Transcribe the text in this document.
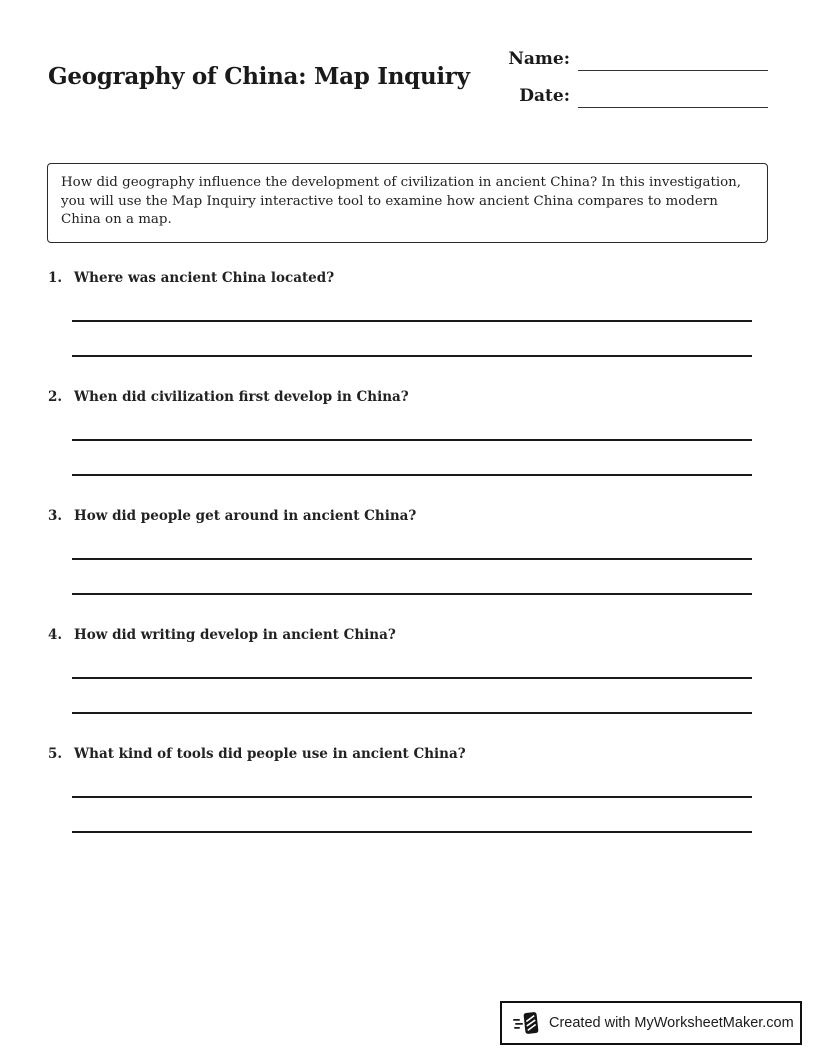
Geography of China: Map Inquiry
Name:
Date:
How did geography influence the development of civilization in ancient China? In this investigation, you will use the Map Inquiry interactive tool to examine how ancient China compares to modern China on a map.
1. Where was ancient China located?
2. When did civilization first develop in China?
3. How did people get around in ancient China?
4. How did writing develop in ancient China?
5. What kind of tools did people use in ancient China?
Created with MyWorksheetMaker.com
